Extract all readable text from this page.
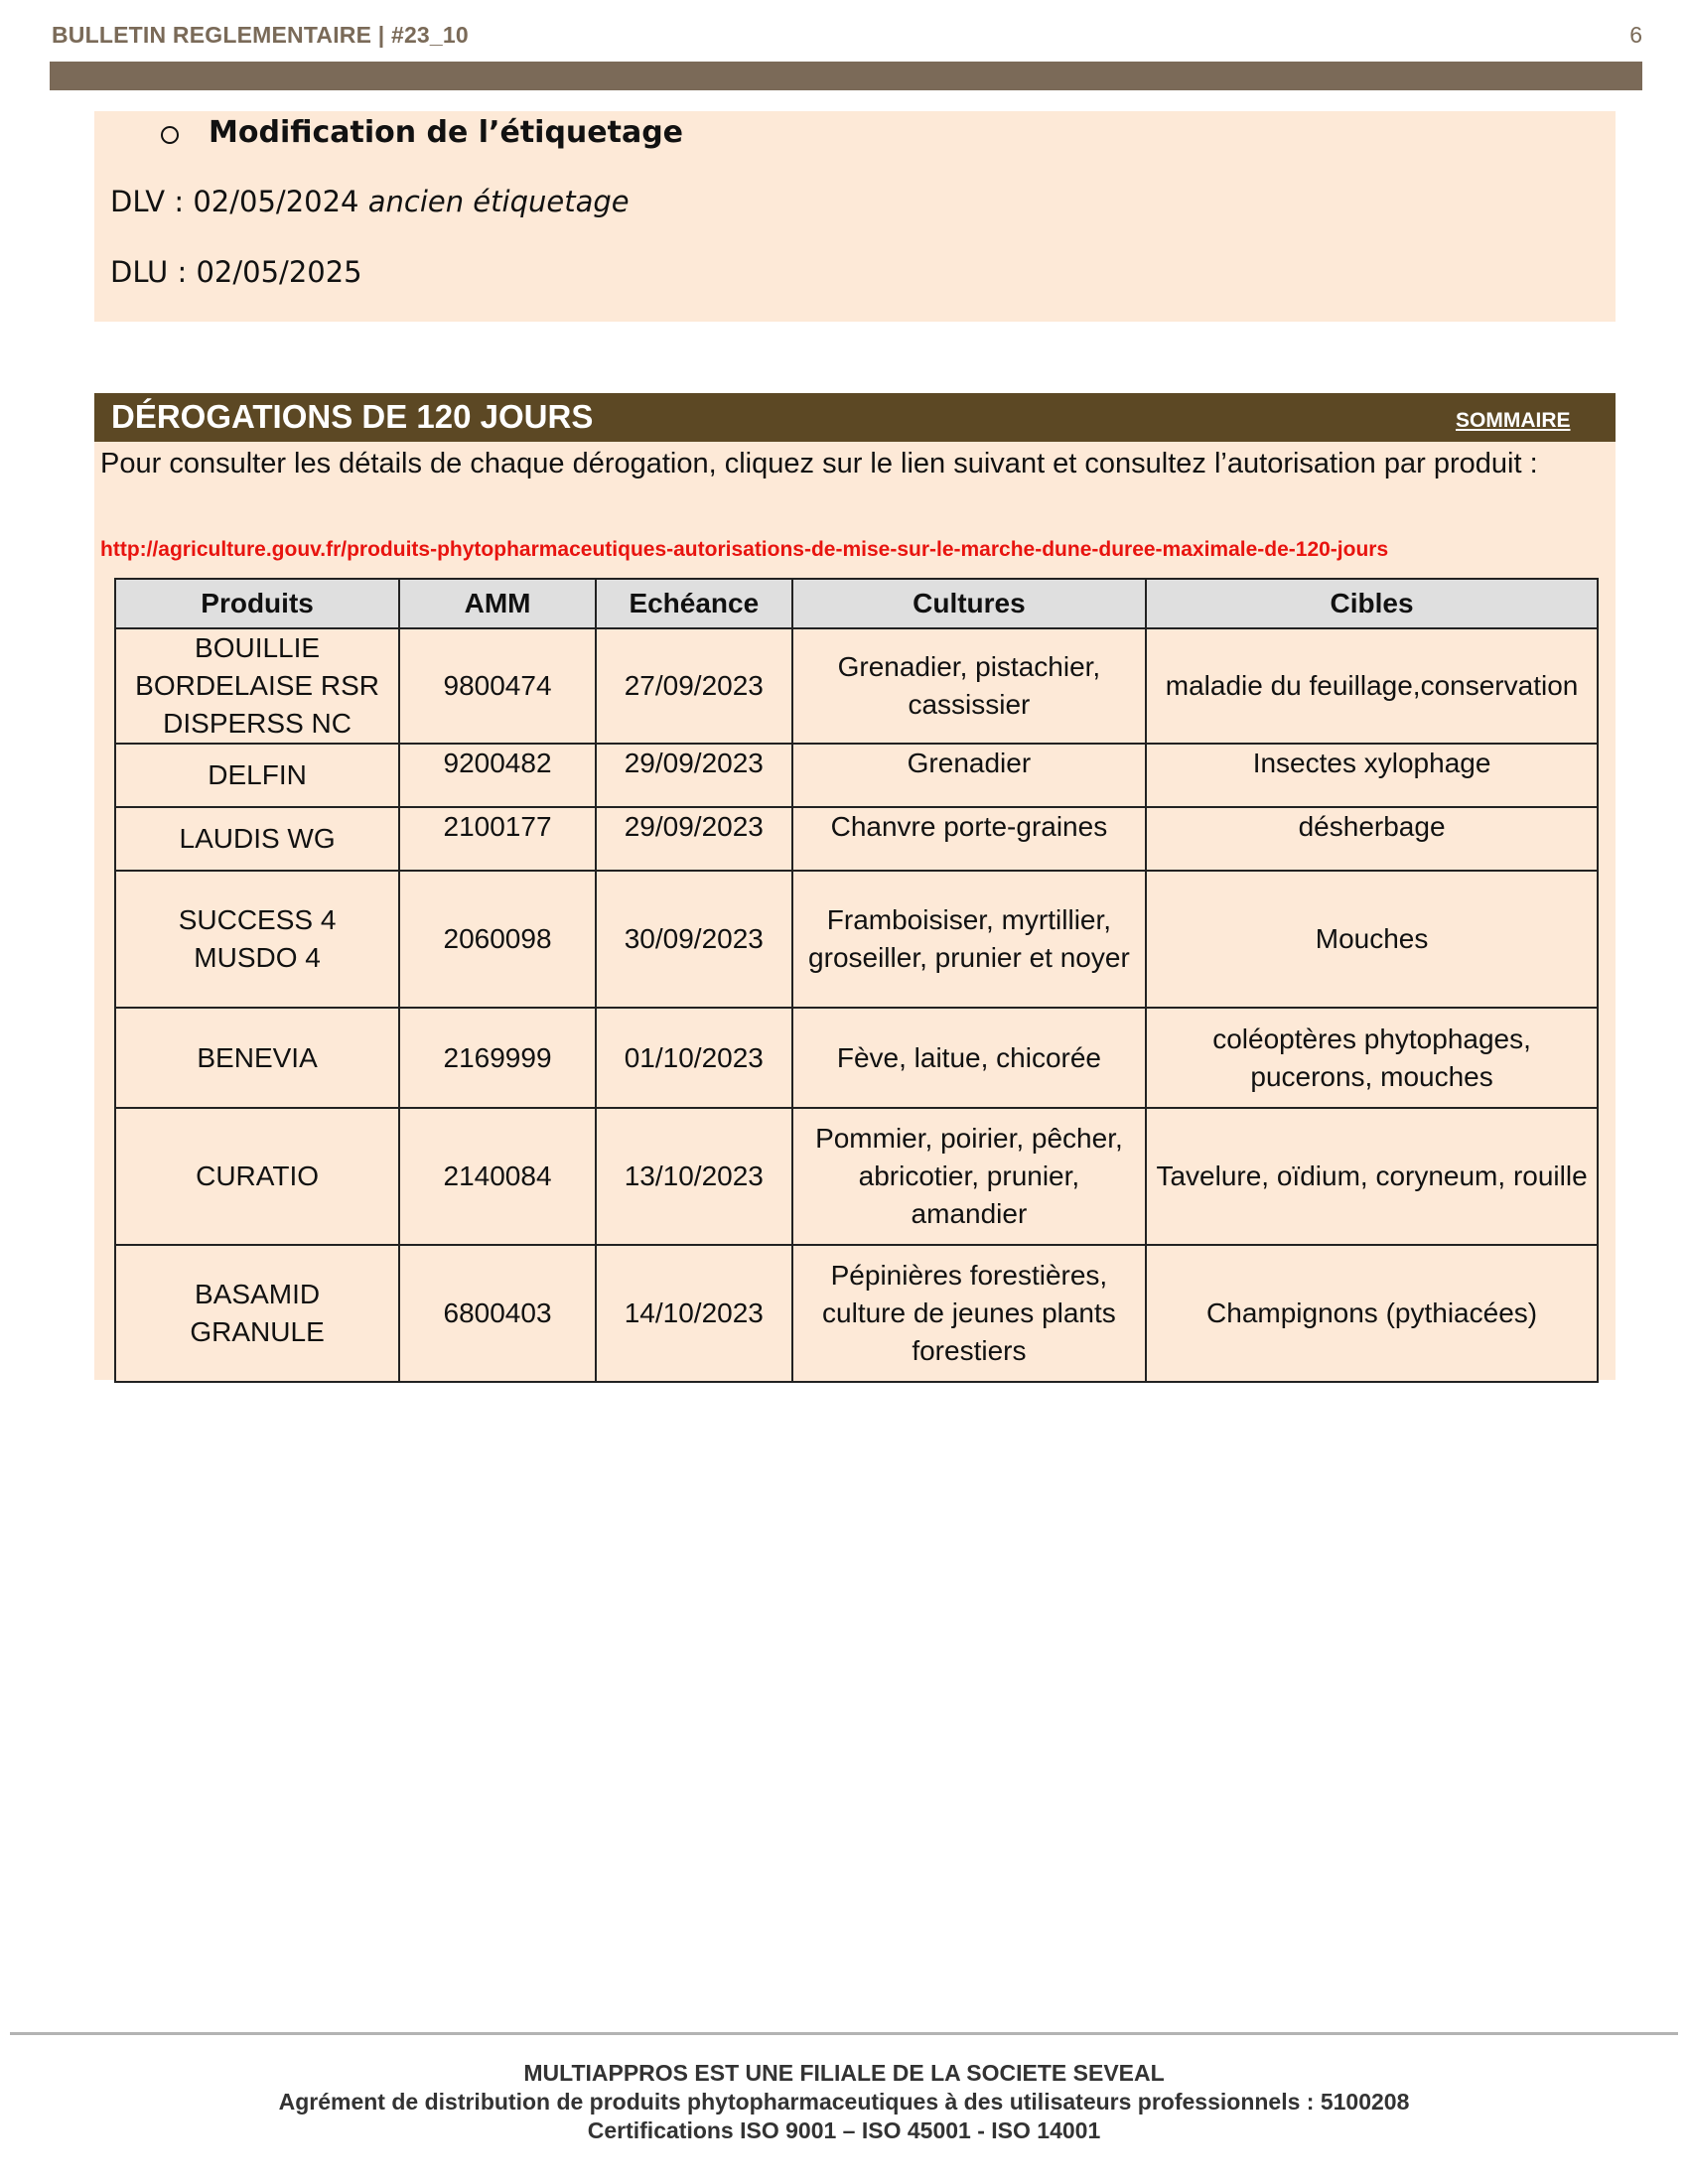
BULLETIN REGLEMENTAIRE | #23_10	6
Modification de l’étiquetage
DLV : 02/05/2024 ancien étiquetage
DLU : 02/05/2025
DÉROGATIONS DE 120 JOURS	SOMMAIRE
Pour consulter les détails de chaque dérogation, cliquez sur le lien suivant et consultez l’autorisation par produit :
http://agriculture.gouv.fr/produits-phytopharmaceutiques-autorisations-de-mise-sur-le-marche-dune-duree-maximale-de-120-jours
Produits	AMM	Echéance	Cultures	Cibles
BOUILLIE BORDELAISE RSR DISPERSS NC	9800474	27/09/2023	Grenadier, pistachier, cassissier	maladie du feuillage,conservation
DELFIN	9200482	29/09/2023	Grenadier	Insectes xylophage
LAUDIS WG	2100177	29/09/2023	Chanvre porte-graines	désherbage
SUCCESS 4 MUSDO 4	2060098	30/09/2023	Framboisiser, myrtillier, groseiller, prunier et noyer	Mouches
BENEVIA	2169999	01/10/2023	Fève, laitue, chicorée	coléoptères phytophages, pucerons, mouches
CURATIO	2140084	13/10/2023	Pommier, poirier, pêcher, abricotier, prunier, amandier	Tavelure, oïdium, coryneum, rouille
BASAMID GRANULE	6800403	14/10/2023	Pépinières forestières, culture de jeunes plants forestiers	Champignons (pythiacées)
MULTIAPPROS EST UNE FILIALE DE LA SOCIETE SEVEAL
Agrément de distribution de produits phytopharmaceutiques à des utilisateurs professionnels : 5100208
Certifications ISO 9001 – ISO 45001 - ISO 14001
